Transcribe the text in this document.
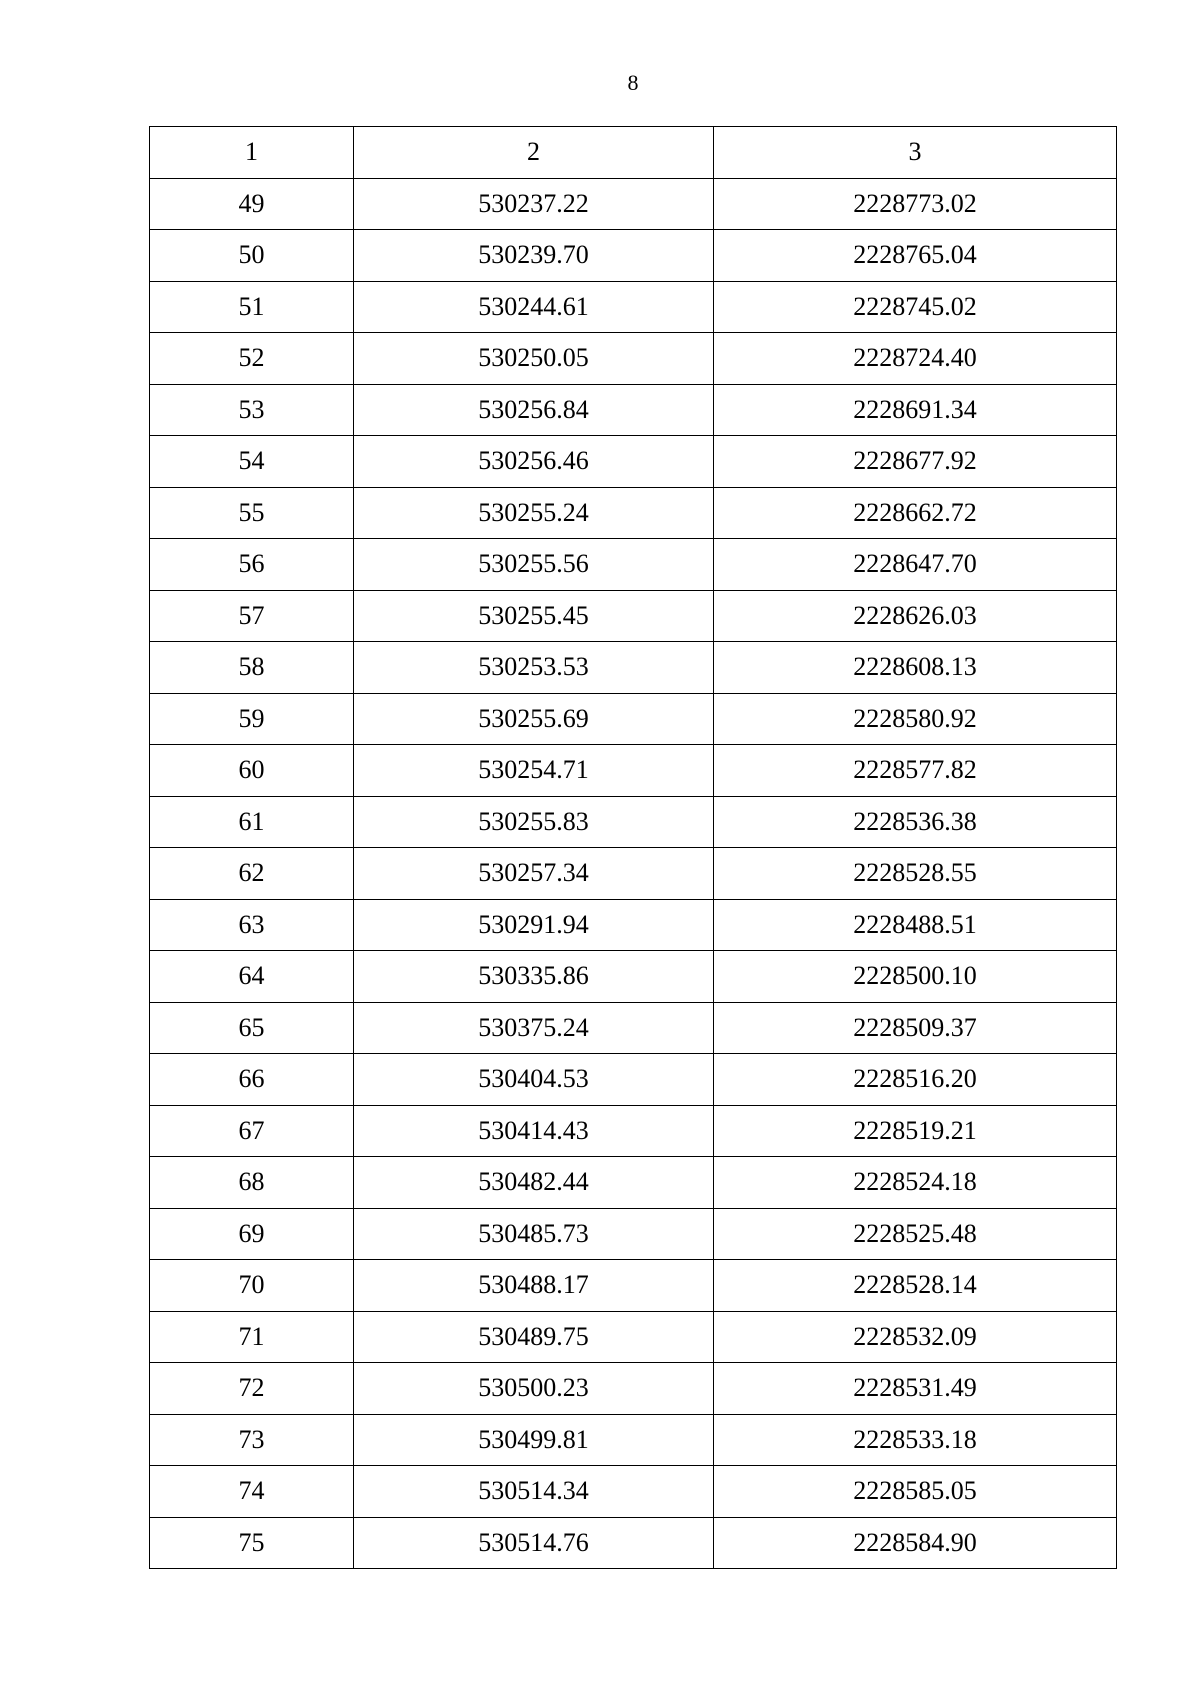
8
1	2	3
49	530237.22	2228773.02
50	530239.70	2228765.04
51	530244.61	2228745.02
52	530250.05	2228724.40
53	530256.84	2228691.34
54	530256.46	2228677.92
55	530255.24	2228662.72
56	530255.56	2228647.70
57	530255.45	2228626.03
58	530253.53	2228608.13
59	530255.69	2228580.92
60	530254.71	2228577.82
61	530255.83	2228536.38
62	530257.34	2228528.55
63	530291.94	2228488.51
64	530335.86	2228500.10
65	530375.24	2228509.37
66	530404.53	2228516.20
67	530414.43	2228519.21
68	530482.44	2228524.18
69	530485.73	2228525.48
70	530488.17	2228528.14
71	530489.75	2228532.09
72	530500.23	2228531.49
73	530499.81	2228533.18
74	530514.34	2228585.05
75	530514.76	2228584.90
